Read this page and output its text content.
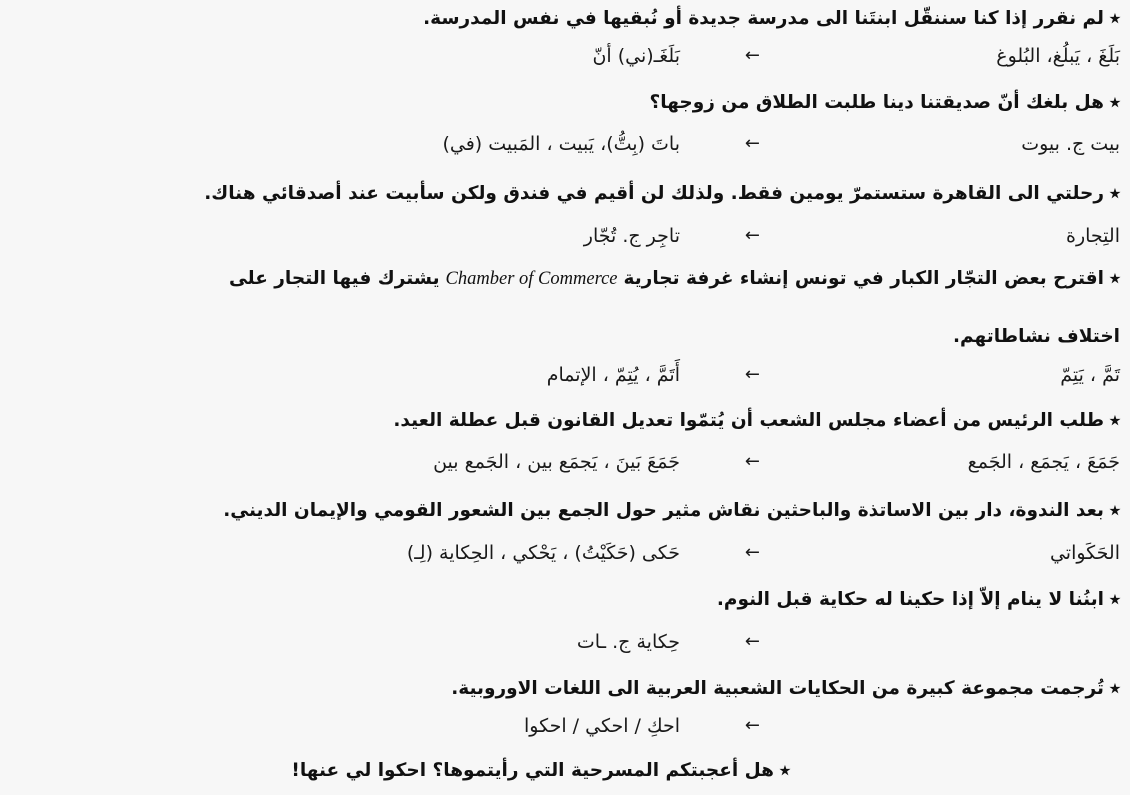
⭑لم نقرر إذا كنا سننقّل ابنتَنا الى مدرسة جديدة أو نُبقيها في نفس المدرسة.
بَلَغَ ، يَبلُغ، البُلوغ
←
بَلَغَـ(ني) أنّ
⭑هل بلغك أنّ صديقتنا دينا طلبت الطلاق من زوجها؟
بيت ج. بيوت
←
باتَ (بِتُّ)، يَبيت ، المَبيت (في)
⭑رحلتي الى القاهرة ستستمرّ يومين فقط. ولذلك لن أقيم في فندق ولكن سأبيت عند أصدقائي هناك.
التِجارة
←
تاجِر ج. تُجّار
⭑اقترح بعض التجّار الكبار في تونس إنشاء غرفة تجاريةChamber of Commerceيشترك فيها التجار على
اختلاف نشاطاتهم.
تَمَّ ، يَتِمّ
←
أَتَمَّ ، يُتِمّ ، الإتمام
⭑طلب الرئيس من أعضاء مجلس الشعب أن يُتمّوا تعديل القانون قبل عطلة العيد.
جَمَعَ ، يَجمَع ، الجَمع
←
جَمَعَ بَينَ ، يَجمَع بين ، الجَمع بين
⭑بعد الندوة، دار بين الاساتذة والباحثين نقاش مثير حول الجمع بين الشعور القومي والإيمان الديني.
الحَكَواتي
←
حَكى (حَكَيْتُ) ، يَحْكي ، الحِكاية (لِـ)
⭑ابنُنا لا ينام إلاّ إذا حكينا له حكاية قبل النوم.
←
حِكاية ج. ـات
⭑تُرجمت مجموعة كبيرة من الحكايات الشعبية العربية الى اللغات الاوروبية.
←
احكِ / احكي / احكوا
⭑هل أعجبتكم المسرحية التي رأيتموها؟ احكوا لي عنها!
